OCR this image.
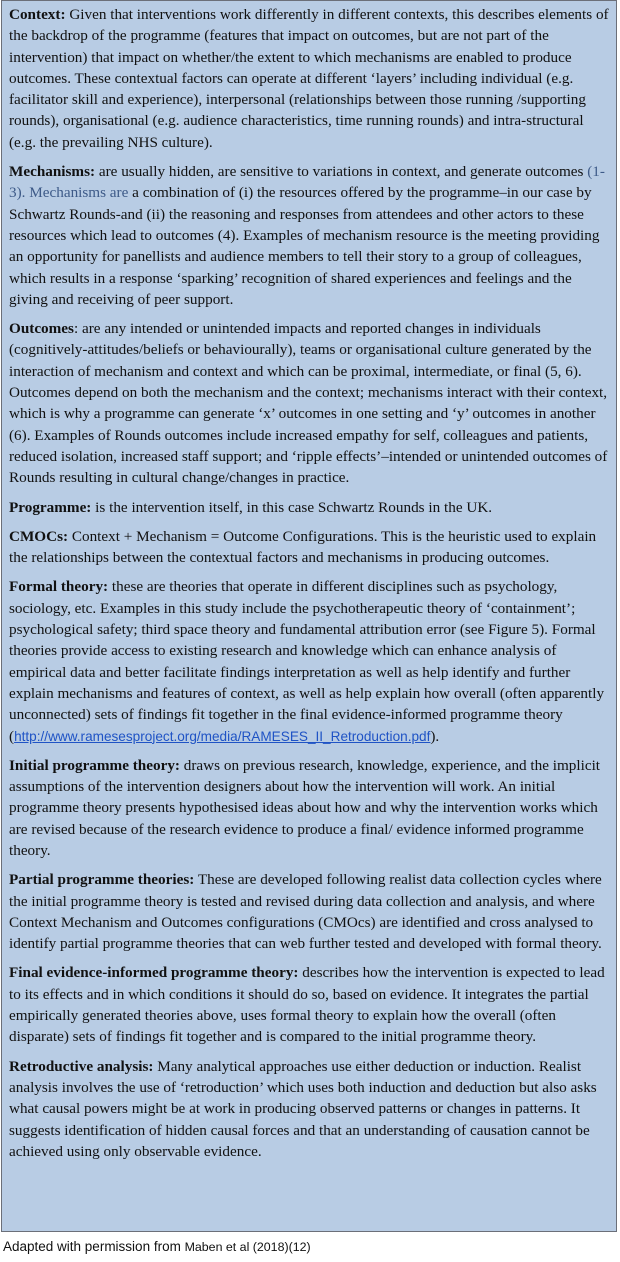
Context: Given that interventions work differently in different contexts, this describes elements of the backdrop of the programme (features that impact on outcomes, but are not part of the intervention) that impact on whether/the extent to which mechanisms are enabled to produce outcomes. These contextual factors can operate at different ‘layers’ including individual (e.g. facilitator skill and experience), interpersonal (relationships between those running /supporting rounds), organisational (e.g. audience characteristics, time running rounds) and intra-structural (e.g. the prevailing NHS culture).

Mechanisms: are usually hidden, are sensitive to variations in context, and generate outcomes (1-3). Mechanisms are a combination of (i) the resources offered by the programme–in our case by Schwartz Rounds-and (ii) the reasoning and responses from attendees and other actors to these resources which lead to outcomes (4). Examples of mechanism resource is the meeting providing an opportunity for panellists and audience members to tell their story to a group of colleagues, which results in a response ‘sparking’ recognition of shared experiences and feelings and the giving and receiving of peer support.

Outcomes: are any intended or unintended impacts and reported changes in individuals (cognitively-attitudes/beliefs or behaviourally), teams or organisational culture generated by the interaction of mechanism and context and which can be proximal, intermediate, or final (5, 6). Outcomes depend on both the mechanism and the context; mechanisms interact with their context, which is why a programme can generate ‘x’ outcomes in one setting and ‘y’ outcomes in another (6). Examples of Rounds outcomes include increased empathy for self, colleagues and patients, reduced isolation, increased staff support; and ‘ripple effects’–intended or unintended outcomes of Rounds resulting in cultural change/changes in practice.

Programme: is the intervention itself, in this case Schwartz Rounds in the UK.

CMOCs: Context + Mechanism = Outcome Configurations. This is the heuristic used to explain the relationships between the contextual factors and mechanisms in producing outcomes.

Formal theory: these are theories that operate in different disciplines such as psychology, sociology, etc. Examples in this study include the psychotherapeutic theory of ‘containment’; psychological safety; third space theory and fundamental attribution error (see Figure 5). Formal theories provide access to existing research and knowledge which can enhance analysis of empirical data and better facilitate findings interpretation as well as help identify and further explain mechanisms and features of context, as well as help explain how overall (often apparently unconnected) sets of findings fit together in the final evidence-informed programme theory (http://www.ramesesproject.org/media/RAMESES_II_Retroduction.pdf).

Initial programme theory: draws on previous research, knowledge, experience, and the implicit assumptions of the intervention designers about how the intervention will work. An initial programme theory presents hypothesised ideas about how and why the intervention works which are revised because of the research evidence to produce a final/ evidence informed programme theory.

Partial programme theories: These are developed following realist data collection cycles where the initial programme theory is tested and revised during data collection and analysis, and where Context Mechanism and Outcomes configurations (CMOcs) are identified and cross analysed to identify partial programme theories that can web further tested and developed with formal theory.

Final evidence-informed programme theory: describes how the intervention is expected to lead to its effects and in which conditions it should do so, based on evidence. It integrates the partial empirically generated theories above, uses formal theory to explain how the overall (often disparate) sets of findings fit together and is compared to the initial programme theory.

Retroductive analysis: Many analytical approaches use either deduction or induction. Realist analysis involves the use of ‘retroduction’ which uses both induction and deduction but also asks what causal powers might be at work in producing observed patterns or changes in patterns. It suggests identification of hidden causal forces and that an understanding of causation cannot be achieved using only observable evidence.

Adapted with permission from Maben et al (2018)(12)
